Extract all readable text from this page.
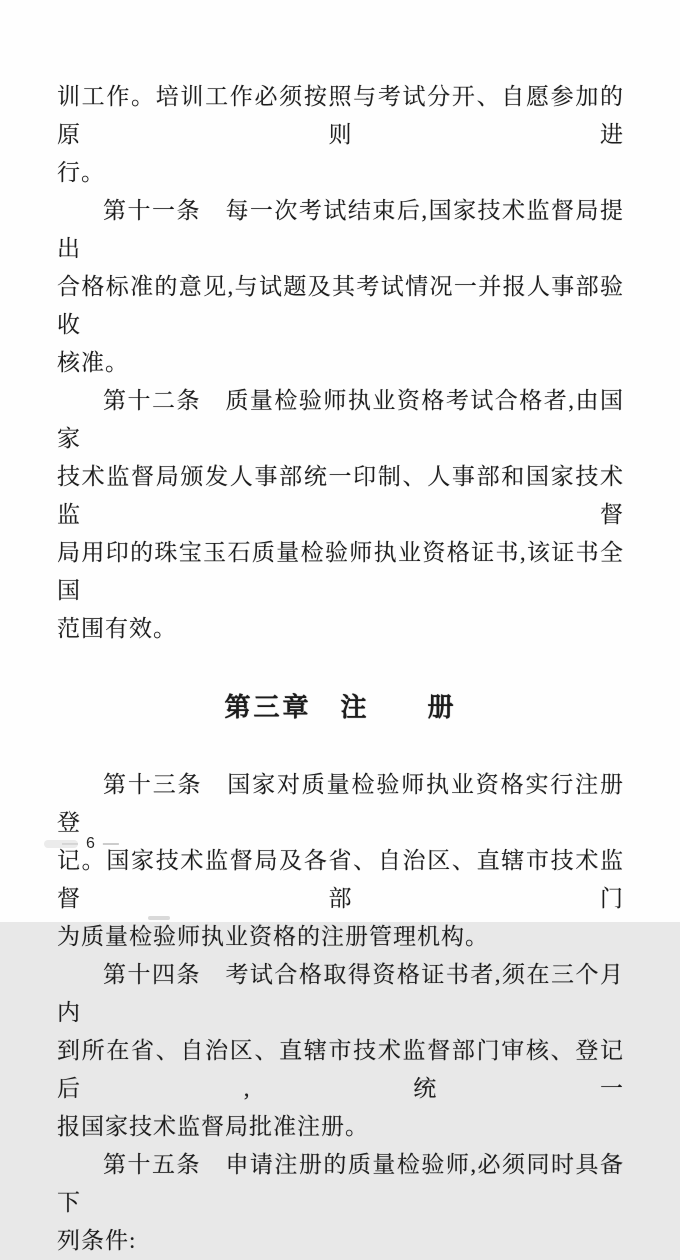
训工作。培训工作必须按照与考试分开、自愿参加的原则进
行。
第十一条　每一次考试结束后,国家技术监督局提出
合格标准的意见,与试题及其考试情况一并报人事部验收
核准。
第十二条　质量检验师执业资格考试合格者,由国家
技术监督局颁发人事部统一印制、人事部和国家技术监督
局用印的珠宝玉石质量检验师执业资格证书,该证书全国
范围有效。
第三章　注　　册
第十三条　国家对质量检验师执业资格实行注册登
记。国家技术监督局及各省、自治区、直辖市技术监督部门
为质量检验师执业资格的注册管理机构。
第十四条　考试合格取得资格证书者,须在三个月内
到所在省、自治区、直辖市技术监督部门审核、登记后,统一
报国家技术监督局批准注册。
第十五条　申请注册的质量检验师,必须同时具备下
列条件:
— 6 —
